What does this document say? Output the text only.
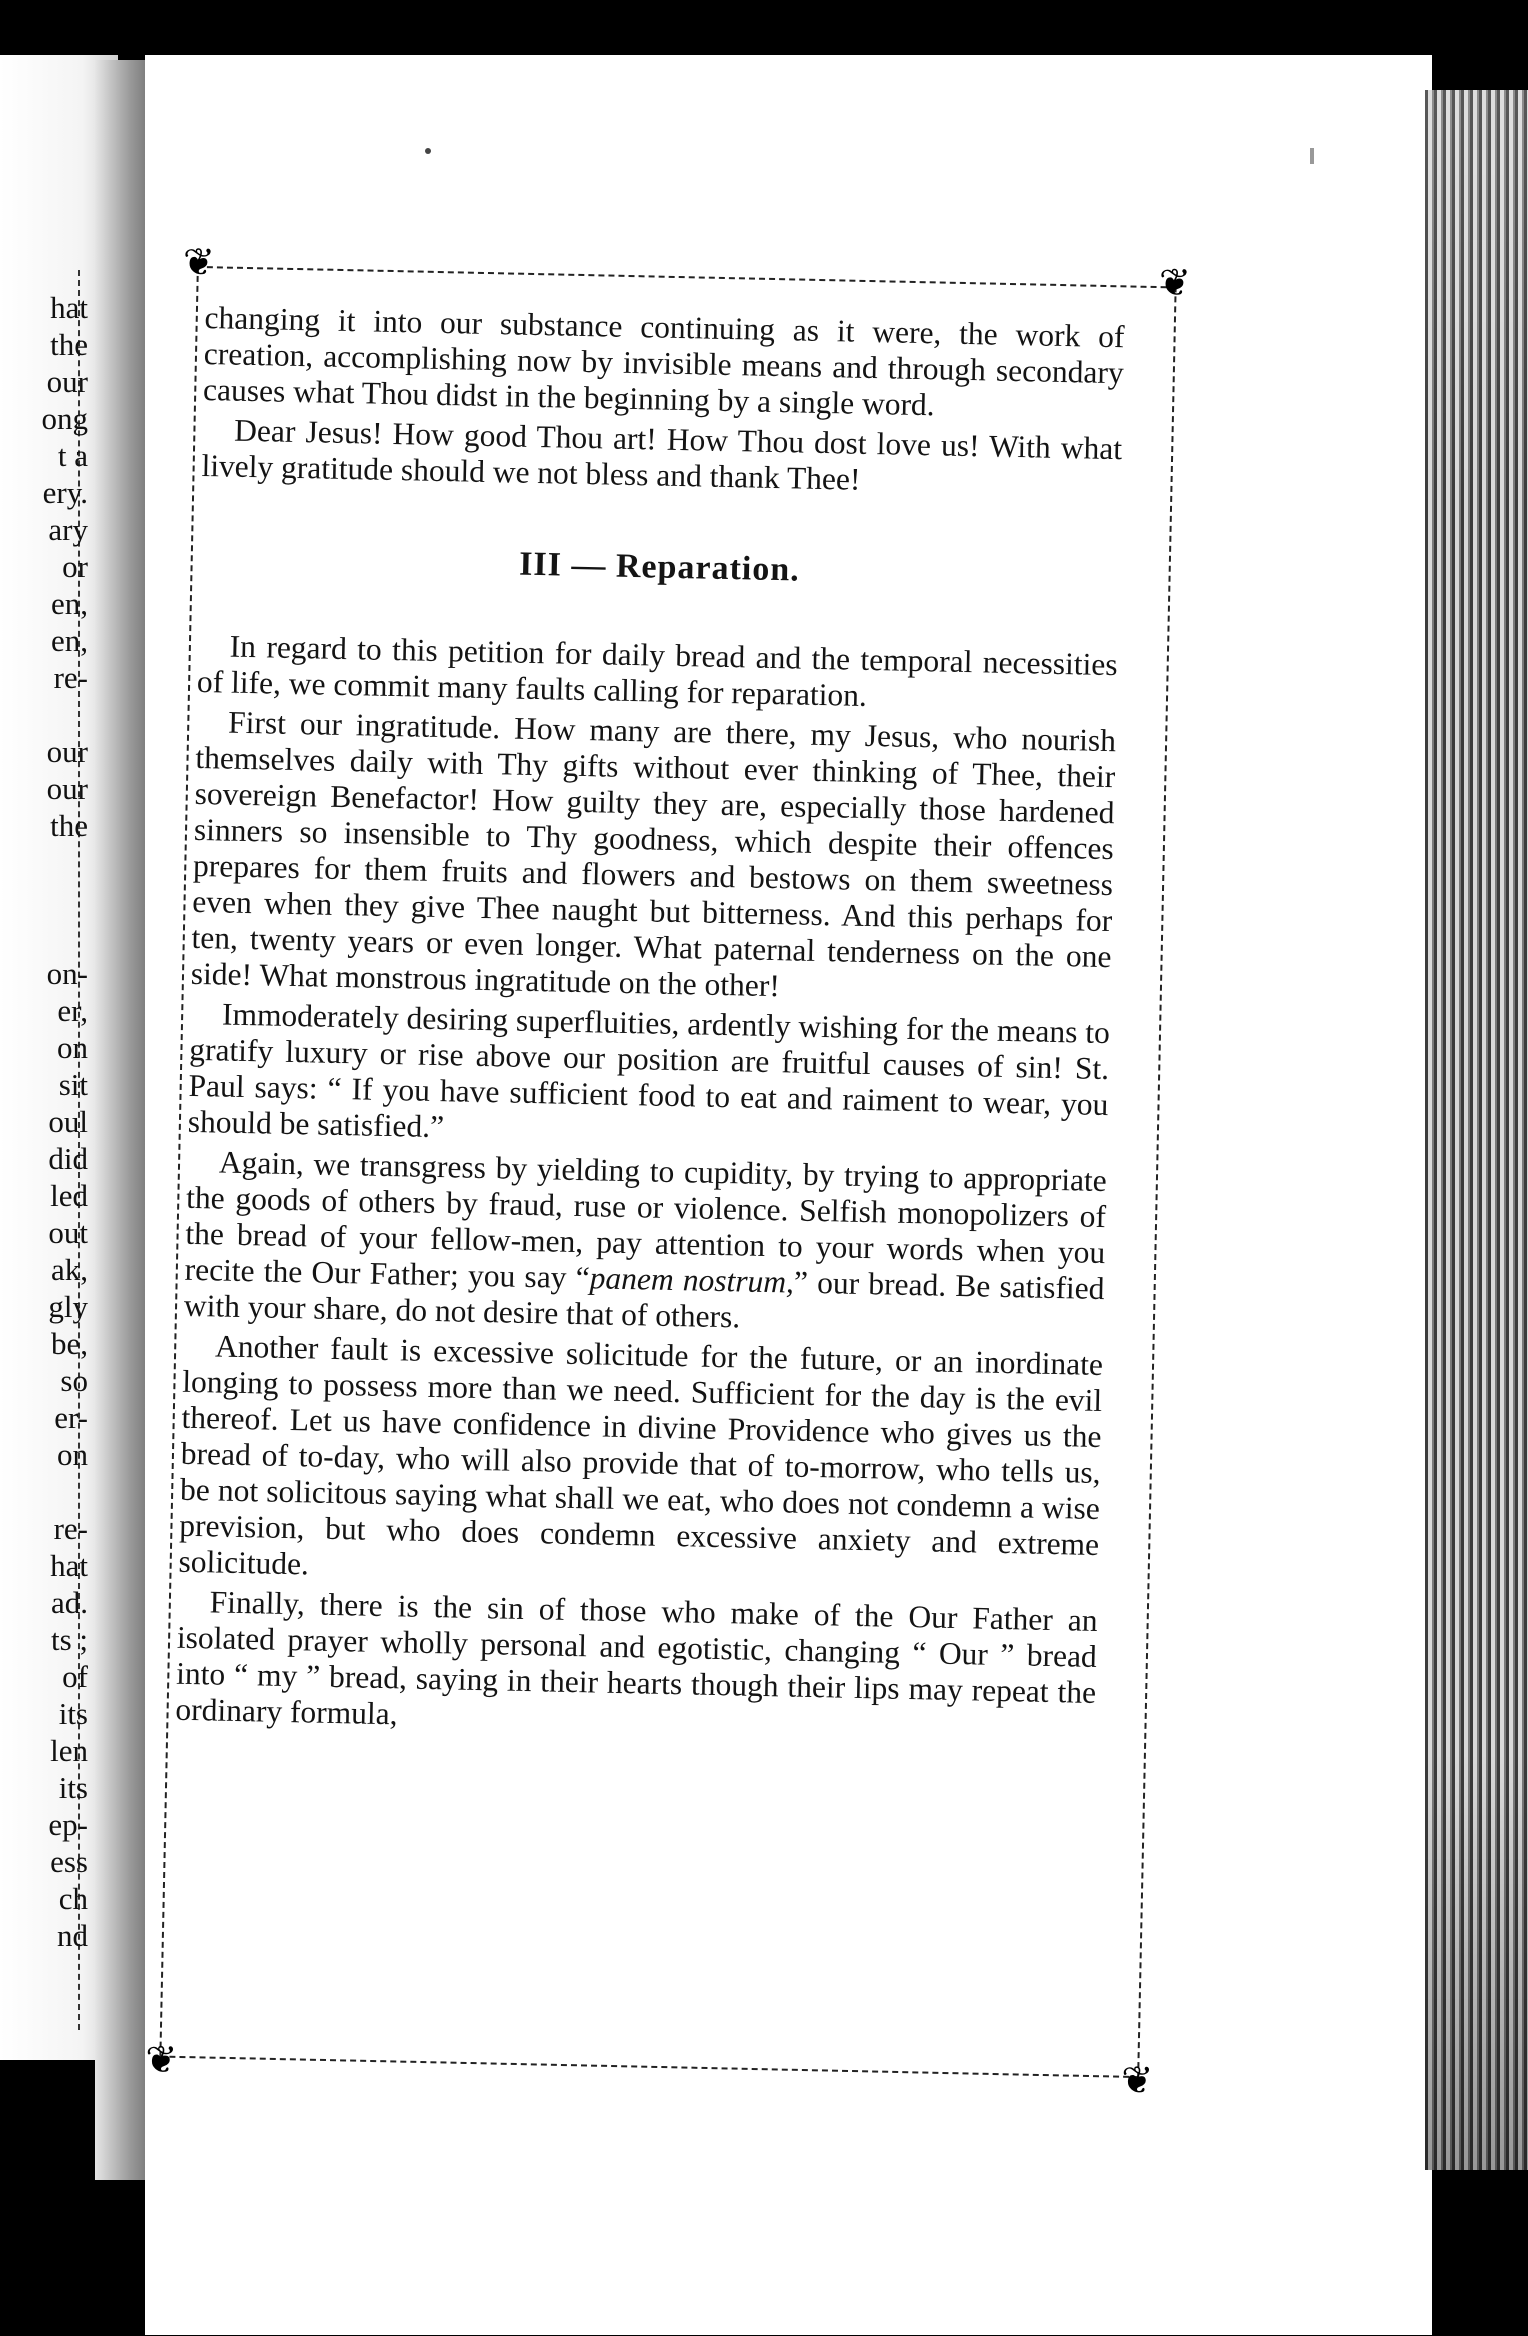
❦	❦
❦	❦

changing it into our substance continuing as it were, the work of creation, accomplishing now by invisible means and through secondary causes what Thou didst in the beginning by a single word.

Dear Jesus! How good Thou art! How Thou dost love us! With what lively gratitude should we not bless and thank Thee!

III — Reparation.

In regard to this petition for daily bread and the temporal necessities of life, we commit many faults calling for reparation.

First our ingratitude. How many are there, my Jesus, who nourish themselves daily with Thy gifts without ever thinking of Thee, their sovereign Benefactor! How guilty they are, especially those hardened sinners so insensible to Thy goodness, which despite their offences prepares for them fruits and flowers and bestows on them sweetness even when they give Thee naught but bitterness. And this perhaps for ten, twenty years or even longer. What paternal tenderness on the one side! What monstrous ingratitude on the other!

Immoderately desiring superfluities, ardently wishing for the means to gratify luxury or rise above our position are fruitful causes of sin! St. Paul says: “ If you have sufficient food to eat and raiment to wear, you should be satisfied.”

Again, we transgress by yielding to cupidity, by trying to appropriate the goods of others by fraud, ruse or violence. Selfish monopolizers of the bread of your fellow-men, pay attention to your words when you recite the Our Father; you say “panem nostrum,” our bread. Be satisfied with your share, do not desire that of others.

Another fault is excessive solicitude for the future, or an inordinate longing to possess more than we need. Sufficient for the day is the evil thereof. Let us have confidence in divine Providence who gives us the bread of to-day, who will also provide that of to-morrow, who tells us, be not solicitous saying what shall we eat, who does not condemn a wise prevision, but who does condemn excessive anxiety and extreme solicitude.

Finally, there is the sin of those who make of the Our Father an isolated prayer wholly personal and egotistic, changing “ Our ” bread into “ my ” bread, saying in their hearts though their lips may repeat the ordinary formula,

hat

the

our

ong

t a

ery.

ary

or

en,

en,

re-

our

our

the

on-

er,

on

sit

oul

did

led

out

ak,

gly

be,

so

er-

on

re-

hat

ad.

ts ;

of

its

len

its

ep-

ess

ch

nd
